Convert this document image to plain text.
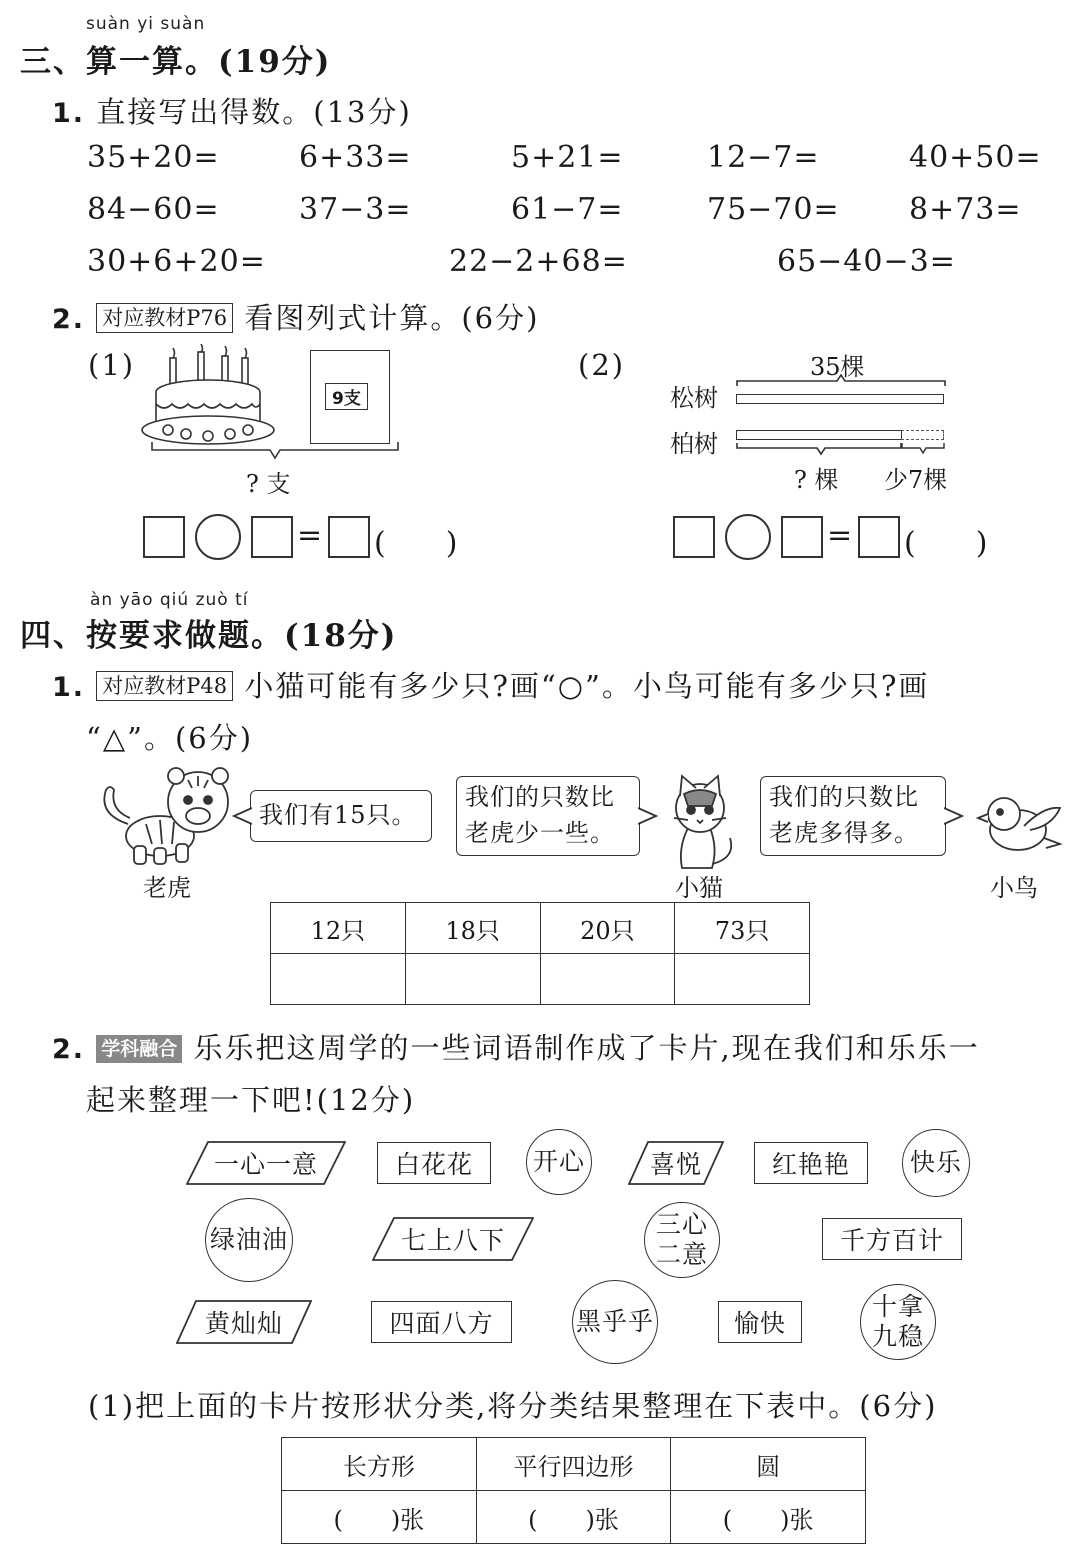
suàn yi suàn
三、算一算。(19分)
1. 直接写出得数。(13分)
35+20=	6+33=	5+21=	12−7=	40+50=
84−60=	37−3=	61−7=	75−70= 8+73=
30+6+20=	22−2+68=	65−40−3=
2. 对应教材P76 看图列式计算。(6分)
(1)
9支
? 支
= (　　)
(2)	35棵
松树
柏树
? 棵 少7棵
= (　　)
àn yāo qiú zuò tí
四、按要求做题。(18分)
1. 对应教材P48 小猫可能有多少只?画“○”。小鸟可能有多少只?画
“△”。(6分)
老虎
我们有15只。
我们的只数比
老虎少一些。
小猫
我们的只数比
老虎多得多。
小鸟
12只	18只	20只	73只

2. 学科融合 乐乐把这周学的一些词语制作成了卡片,现在我们和乐乐一
起来整理一下吧!(12分)
一心一意	白花花 开心	喜悦	红艳艳 快乐
绿油油	七上八下
三心
二意	千方百计
黄灿灿	四面八方	黑乎乎	愉快
十拿
九稳
(1)把上面的卡片按形状分类,将分类结果整理在下表中。(6分)
长方形	平行四边形	圆
(　　)张	(　　)张	(　　)张
